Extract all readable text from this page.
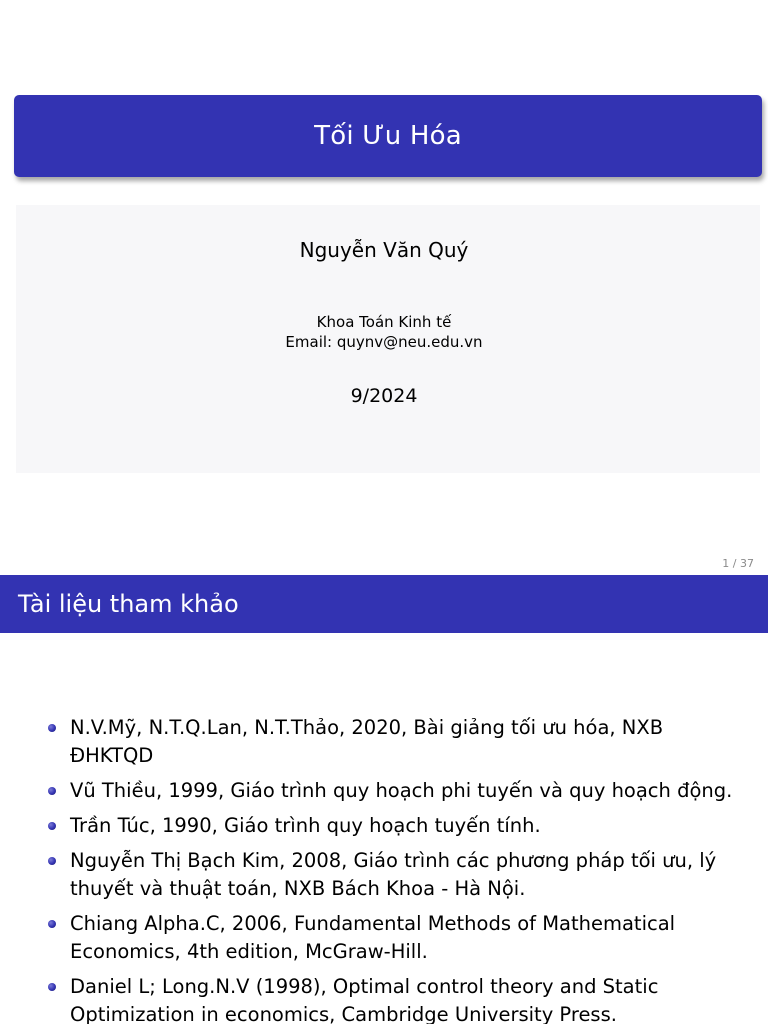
Tối Ưu Hóa
Nguyễn Văn Quý
Khoa Toán Kinh tế
Email: quynv@neu.edu.vn
9/2024
1 / 37
Tài liệu tham khảo
N.V.Mỹ, N.T.Q.Lan, N.T.Thảo, 2020, Bài giảng tối ưu hóa, NXB ĐHKTQD
Vũ Thiều, 1999, Giáo trình quy hoạch phi tuyến và quy hoạch động.
Trần Túc, 1990, Giáo trình quy hoạch tuyến tính.
Nguyễn Thị Bạch Kim, 2008, Giáo trình các phương pháp tối ưu, lý thuyết và thuật toán, NXB Bách Khoa - Hà Nội.
Chiang Alpha.C, 2006, Fundamental Methods of Mathematical Economics, 4th edition, McGraw-Hill.
Daniel L; Long.N.V (1998), Optimal control theory and Static Optimization in economics, Cambridge University Press.
